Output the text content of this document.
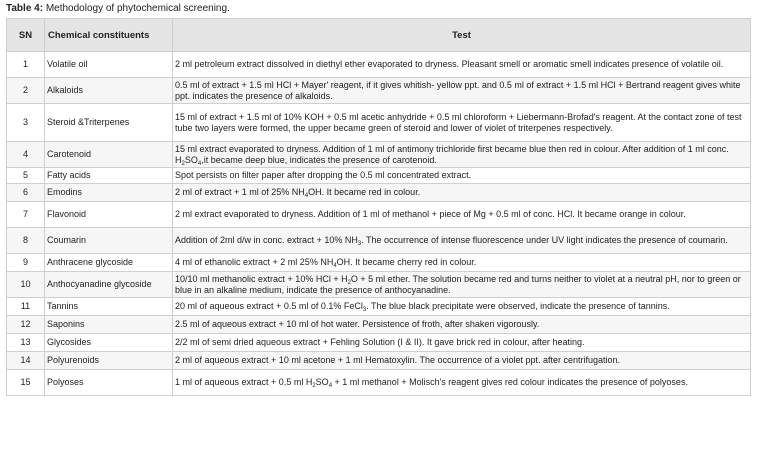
Table 4: Methodology of phytochemical screening.
SN	Chemical constituents	Test
1	Volatile oil	2 ml petroleum extract dissolved in diethyl ether evaporated to dryness. Pleasant smell or aromatic smell indicates presence of volatile oil.
2	Alkaloids	0.5 ml of extract + 1.5 ml HCl + Mayer' reagent, if it gives whitish- yellow ppt. and 0.5 ml of extract + 1.5 ml HCl + Bertrand reagent gives white ppt. indicates the presence of alkaloids.
3	Steroid &Triterpenes	15 ml of extract + 1.5 ml of 10% KOH + 0.5 ml acetic anhydride + 0.5 ml chloroform + Liebermann-Brofad's reagent. At the contact zone of test tube two layers were formed, the upper became green of steroid and lower of violet of triterpenes respectively.
4	Carotenoid	15 ml extract evaporated to dryness. Addition of 1 ml of antimony trichloride first became blue then red in colour. After addition of 1 ml conc. $H_2SO_4,it$ became deep blue, indicates the presence of carotenoid.
5	Fatty acids	Spot persists on filter paper after dropping the 0.5 ml concentrated extract.
6	Emodins	2 ml of extract + 1 ml of 25% $NH_4OH$. It became red in colour.
7	Flavonoid	2 ml extract evaporated to dryness. Addition of 1 ml of methanol + piece of Mg + 0.5 ml of conc. HCl. It became orange in colour.
8	Coumarin	Addition of 2ml d/w in conc. extract + 10% $NH_3$. The occurrence of intense fluorescence under UV light indicates the presence of coumarin.
9	Anthracene glycoside	4 ml of ethanolic extract + 2 ml 25% $NH_4OH$. It became cherry red in colour.
10	Anthocyanadine glycoside	10/10 ml methanolic extract + 10% HCl + $H_2O + 5$ ml ether. The solution became red and turns neither to violet at a neutral pH, nor to green or blue in an alkaline medium, indicate the presence of anthocyanadine.
11	Tannins	20 ml of aqueous extract + 0.5 ml of 0.1% FeCl$_3$. The blue black precipitate were observed, indicate the presence of tannins.
12	Saponins	2.5 ml of aqueous extract + 10 ml of hot water. Persistence of froth, after shaken vigorously.
13	Glycosides	2/2 ml of semi dried aqueous extract + Fehling Solution (I & II). It gave brick red in colour, after heating.
14	Polyurenoids	2 ml of aqueous extract + 10 ml acetone + 1 ml Hematoxylin. The occurrence of a violet ppt. after centrifugation.
15	Polyoses	1 ml of aqueous extract + 0.5 ml $H_2SO_4 + 1$ ml methanol + Molisch's reagent gives red colour indicates the presence of polyoses.
